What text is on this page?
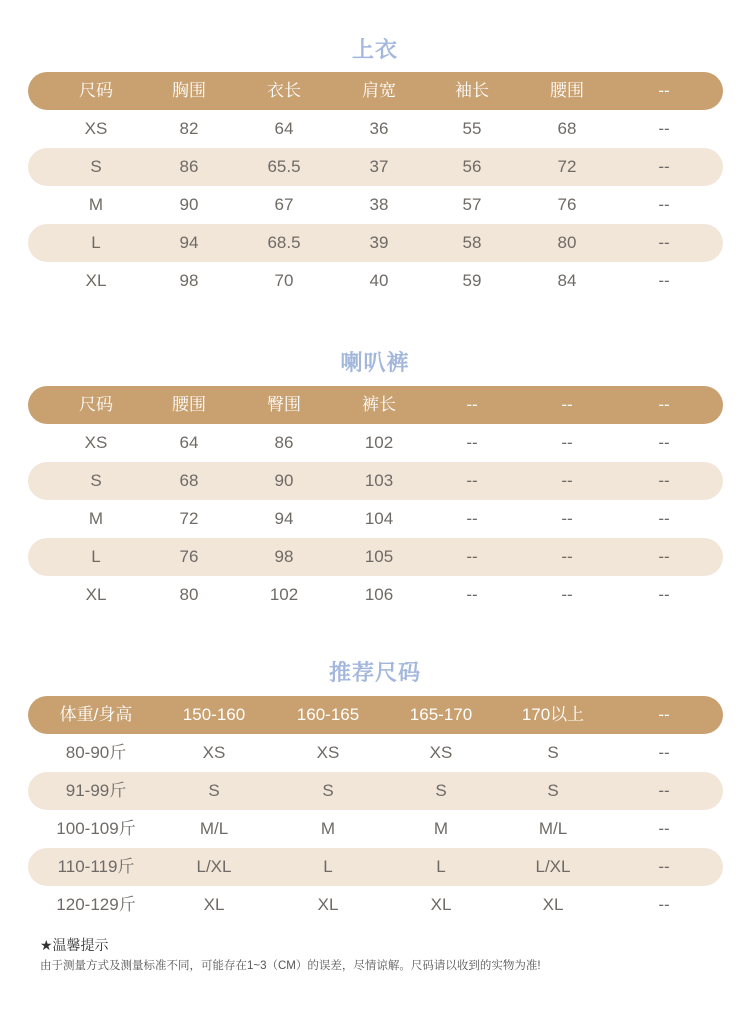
上衣
尺码	胸围	衣长	肩宽	袖长	腰围	--
XS	82	64	36	55	68	--
S	86	65.5	37	56	72	--
M	90	67	38	57	76	--
L	94	68.5	39	58	80	--
XL	98	70	40	59	84	--
喇叭裤
尺码	腰围	臀围	裤长	--	--	--
XS	64	86	102	--	--	--
S	68	90	103	--	--	--
M	72	94	104	--	--	--
L	76	98	105	--	--	--
XL	80	102	106	--	--	--
推荐尺码
体重/身高	150-160	160-165	165-170	170以上	--
80-90斤	XS	XS	XS	S	--
91-99斤	S	S	S	S	--
100-109斤	M/L	M	M	M/L	--
110-119斤	L/XL	L	L	L/XL	--
120-129斤	XL	XL	XL	XL	--
★温馨提示
由于测量方式及测量标准不同，可能存在1~3（CM）的误差，尽情谅解。尺码请以收到的实物为准!
